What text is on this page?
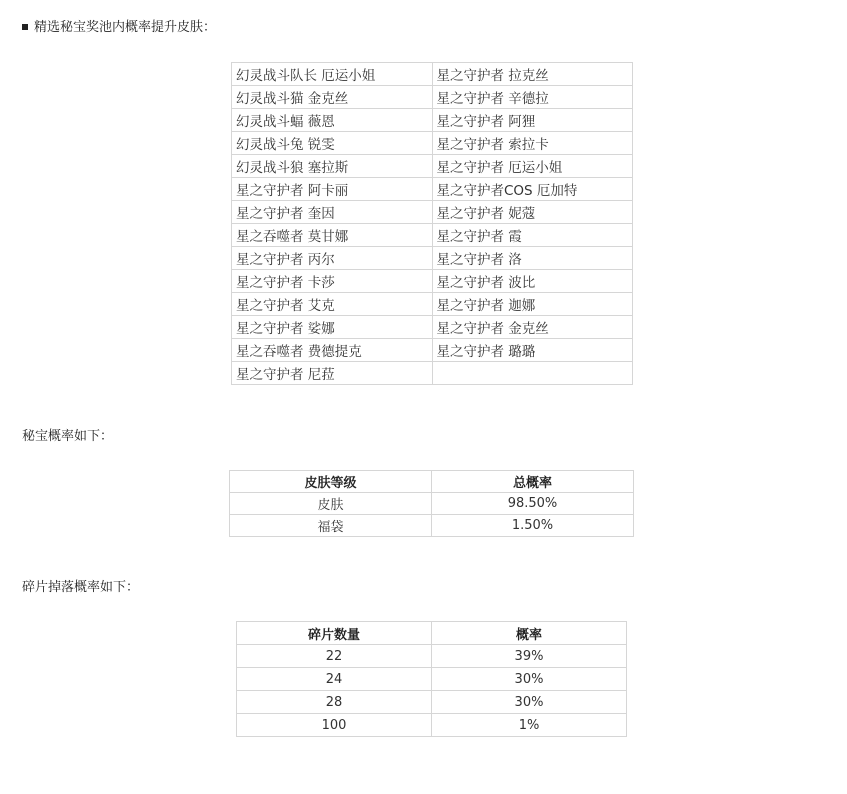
精选秘宝奖池内概率提升皮肤：
幻灵战斗队长 厄运小姐	星之守护者 拉克丝
幻灵战斗猫 金克丝	星之守护者 辛德拉
幻灵战斗蝠 薇恩	星之守护者 阿狸
幻灵战斗兔 锐雯	星之守护者 索拉卡
幻灵战斗狼 塞拉斯	星之守护者 厄运小姐
星之守护者 阿卡丽	星之守护者COS 厄加特
星之守护者 奎因	星之守护者 妮蔻
星之吞噬者 莫甘娜	星之守护者 霞
星之守护者 丙尔	星之守护者 洛
星之守护者 卡莎	星之守护者 波比
星之守护者 艾克	星之守护者 迦娜
星之守护者 娑娜	星之守护者 金克丝
星之吞噬者 费德提克	星之守护者 璐璐
星之守护者 尼菈	
秘宝概率如下：
皮肤等级	总概率
皮肤	98.50%
福袋	1.50%
碎片掉落概率如下：
碎片数量	概率
22	39%
24	30%
28	30%
100	1%
